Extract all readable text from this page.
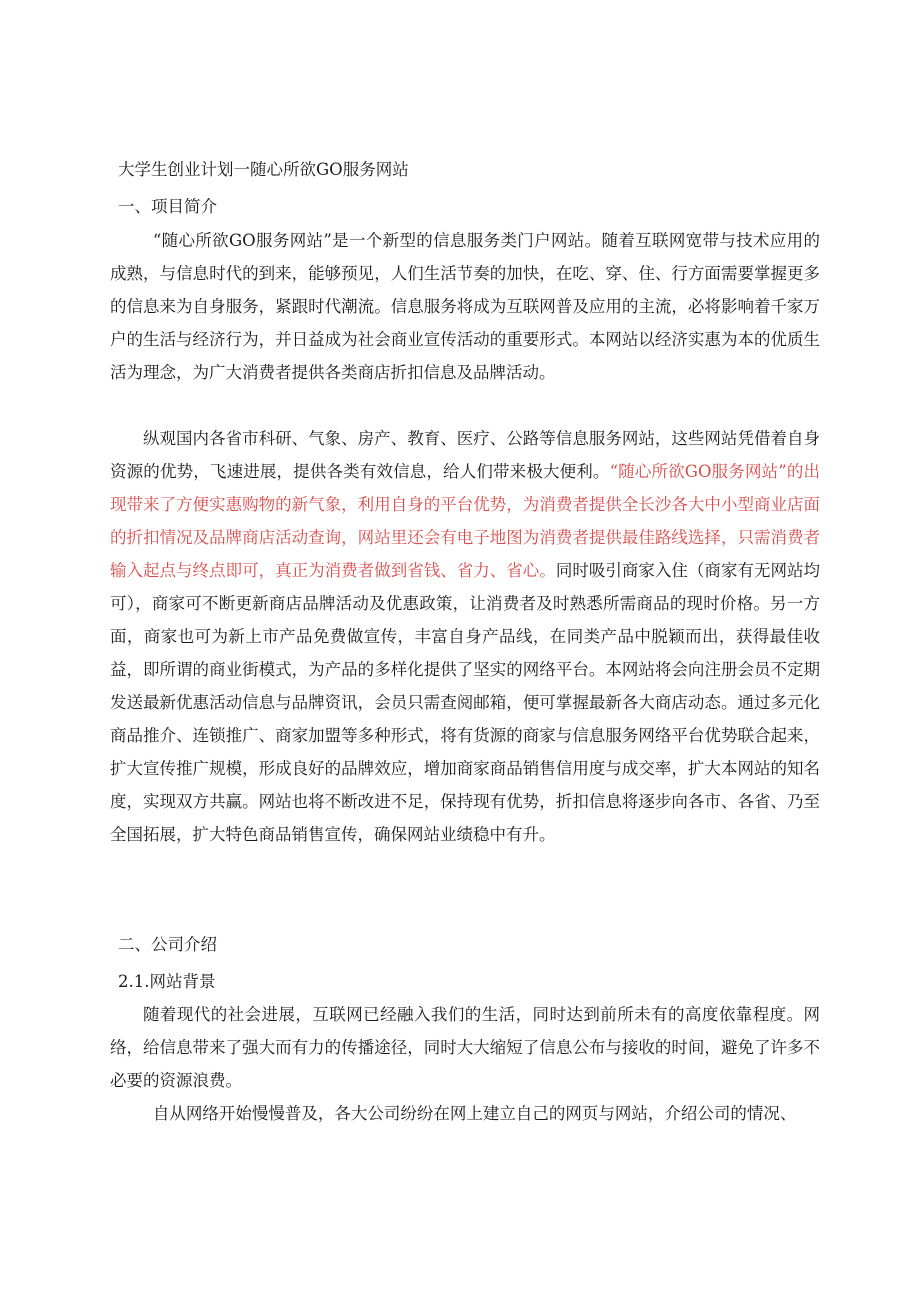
大学生创业计划一随心所欲GO服务网站
一、项目简介
“随心所欲GO服务网站”是一个新型的信息服务类门户网站。随着互联网宽带与技术应用的成熟，与信息时代的到来，能够预见，人们生活节奏的加快，在吃、穿、住、行方面需要掌握更多的信息来为自身服务，紧跟时代潮流。信息服务将成为互联网普及应用的主流，必将影响着千家万户的生活与经济行为，并日益成为社会商业宣传活动的重要形式。本网站以经济实惠为本的优质生活为理念，为广大消费者提供各类商店折扣信息及品牌活动。
纵观国内各省市科研、气象、房产、教育、医疗、公路等信息服务网站，这些网站凭借着自身资源的优势，飞速进展，提供各类有效信息，给人们带来极大便利。“随心所欲GO服务网站”的出现带来了方便实惠购物的新气象，利用自身的平台优势，为消费者提供全长沙各大中小型商业店面的折扣情况及品牌商店活动查询，网站里还会有电子地图为消费者提供最佳路线选择，只需消费者输入起点与终点即可，真正为消费者做到省钱、省力、省心。同时吸引商家入住（商家有无网站均可），商家可不断更新商店品牌活动及优惠政策，让消费者及时熟悉所需商品的现时价格。另一方面，商家也可为新上市产品免费做宣传，丰富自身产品线，在同类产品中脱颖而出，获得最佳收益，即所谓的商业街模式，为产品的多样化提供了坚实的网络平台。本网站将会向注册会员不定期发送最新优惠活动信息与品牌资讯，会员只需查阅邮箱，便可掌握最新各大商店动态。通过多元化商品推介、连锁推广、商家加盟等多种形式，将有货源的商家与信息服务网络平台优势联合起来，扩大宣传推广规模，形成良好的品牌效应，增加商家商品销售信用度与成交率，扩大本网站的知名度，实现双方共赢。网站也将不断改进不足，保持现有优势，折扣信息将逐步向各市、各省、乃至全国拓展，扩大特色商品销售宣传，确保网站业绩稳中有升。
二、公司介绍
2.1.网站背景
随着现代的社会进展，互联网已经融入我们的生活，同时达到前所未有的高度依靠程度。网络，给信息带来了强大而有力的传播途径，同时大大缩短了信息公布与接收的时间，避免了许多不必要的资源浪费。
自从网络开始慢慢普及，各大公司纷纷在网上建立自己的网页与网站，介绍公司的情况、
